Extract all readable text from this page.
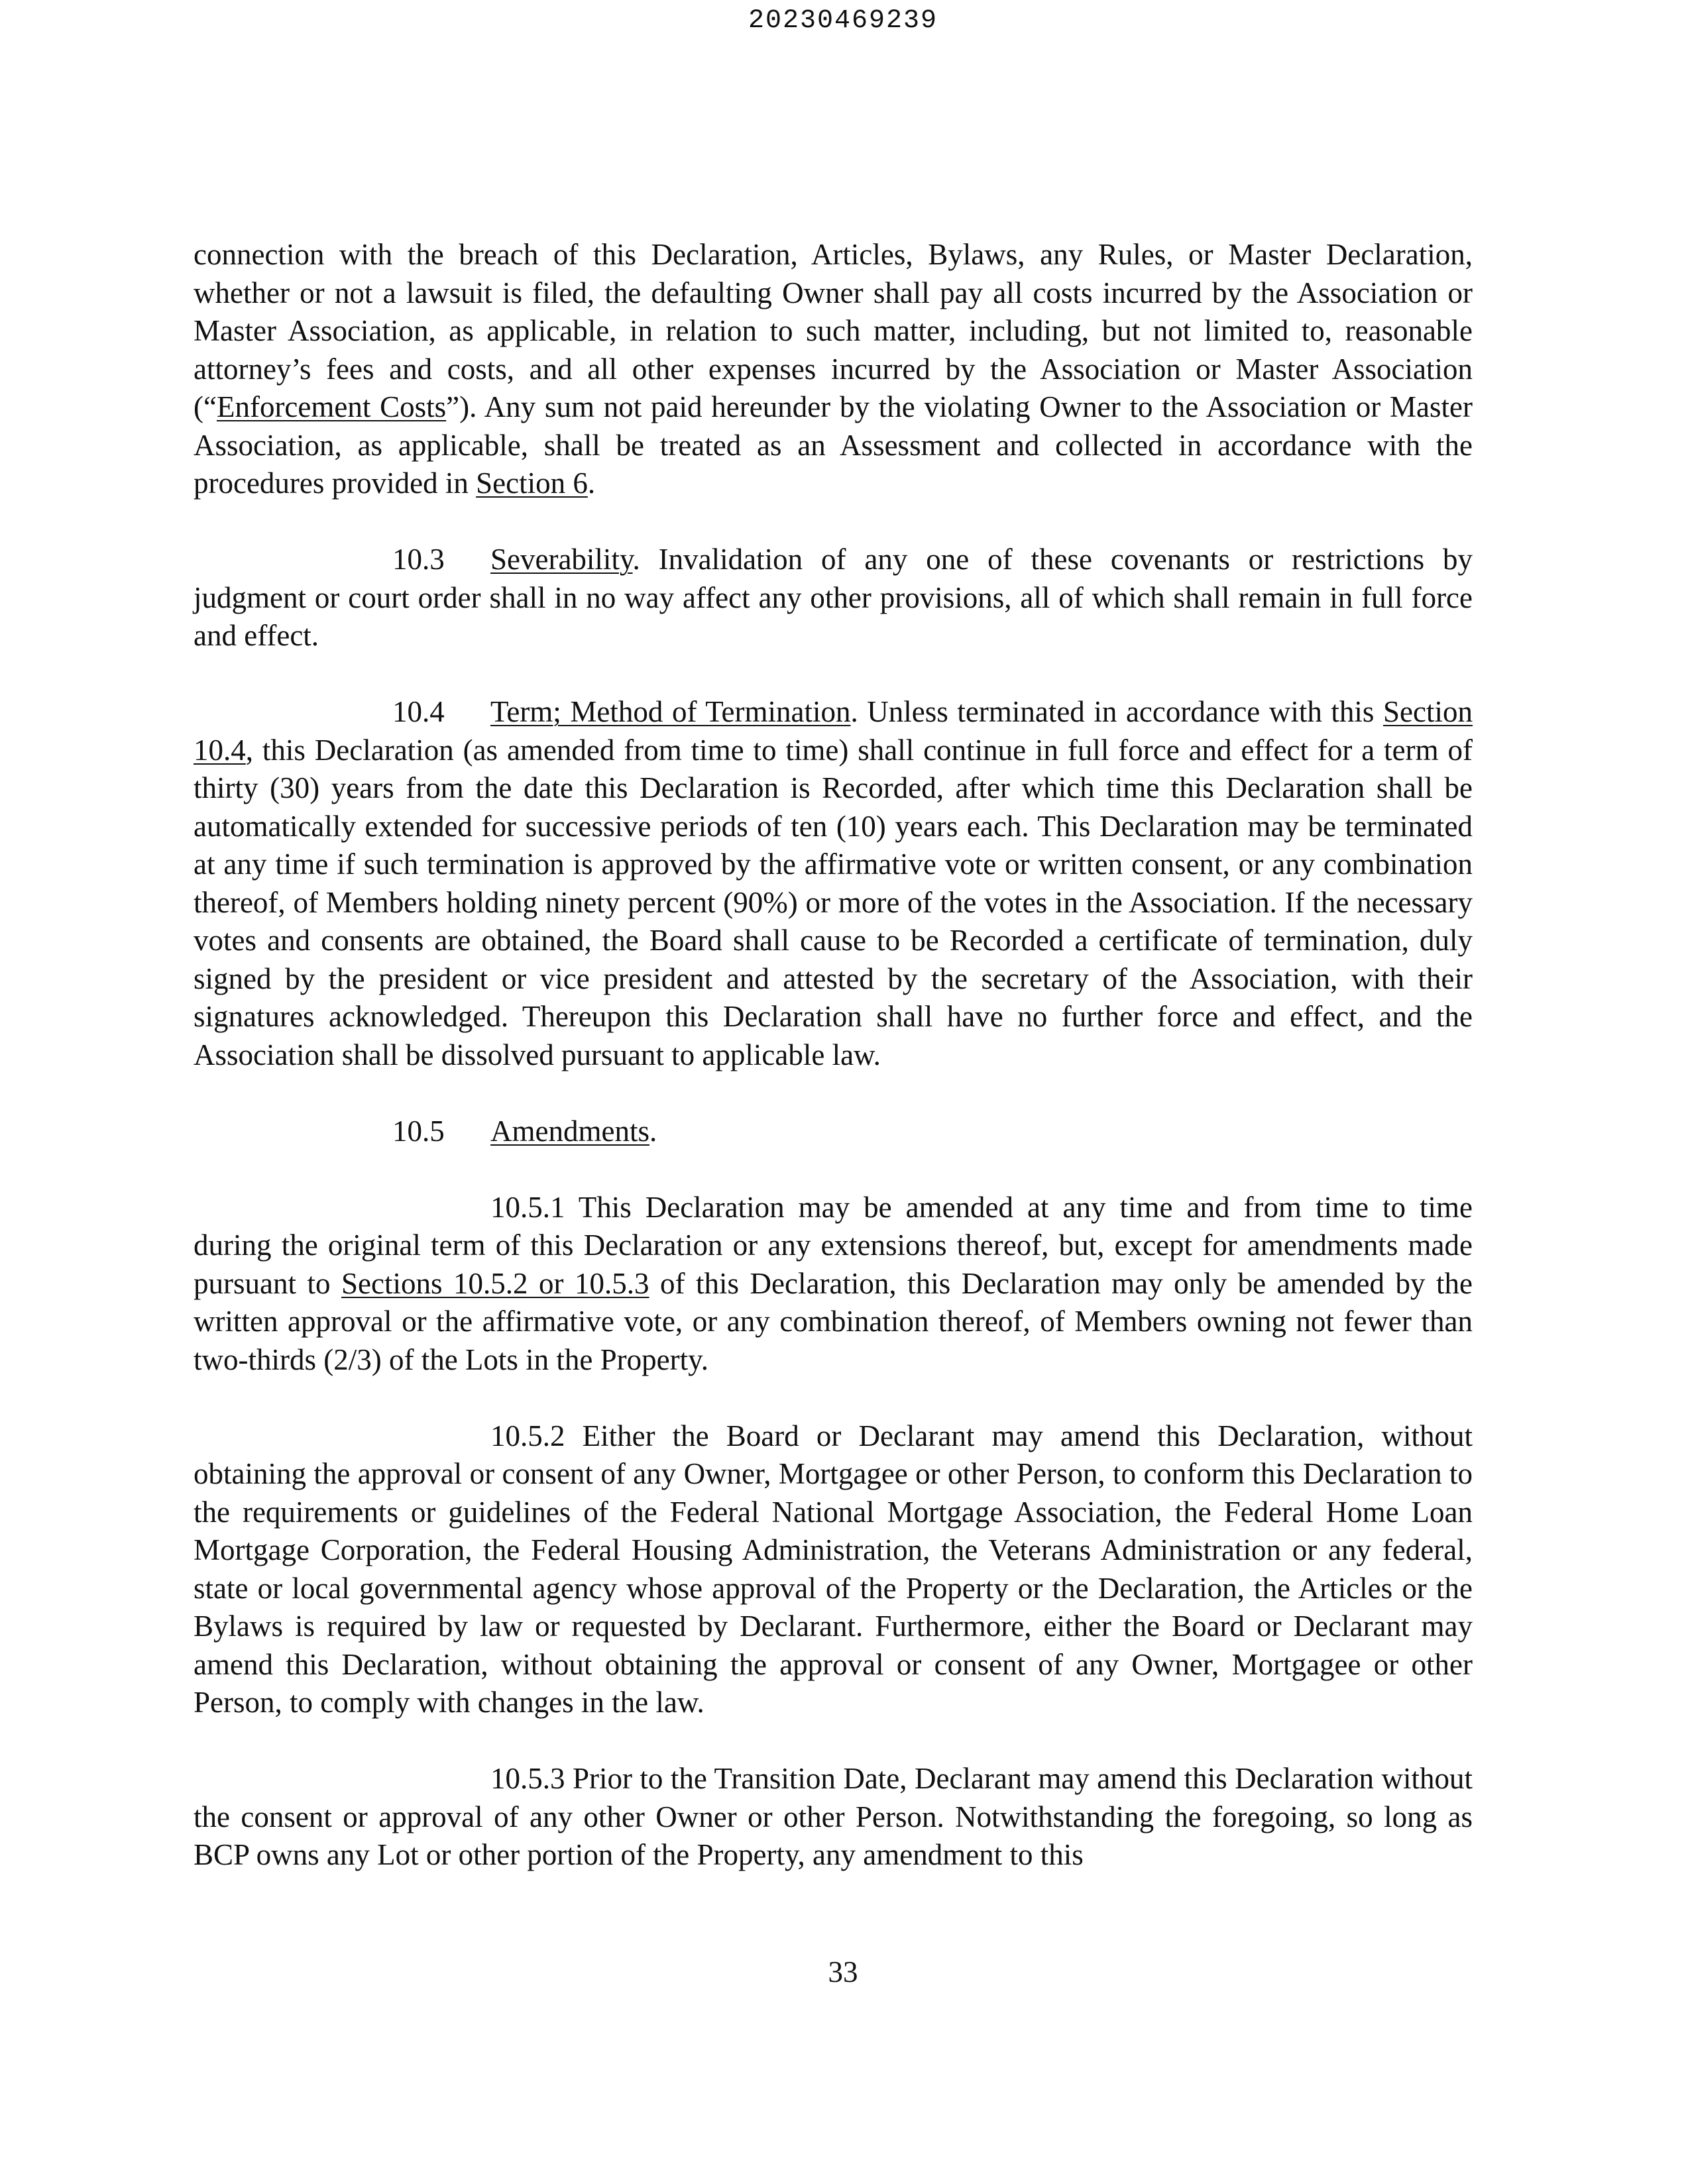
20230469239

connection with the breach of this Declaration, Articles, Bylaws, any Rules, or Master Declaration, whether or not a lawsuit is filed, the defaulting Owner shall pay all costs incurred by the Association or Master Association, as applicable, in relation to such matter, including, but not limited to, reasonable attorney’s fees and costs, and all other expenses incurred by the Association or Master Association (“Enforcement Costs”). Any sum not paid hereunder by the violating Owner to the Association or Master Association, as applicable, shall be treated as an Assessment and collected in accordance with the procedures provided in Section 6.

10.3 Severability. Invalidation of any one of these covenants or restrictions by judgment or court order shall in no way affect any other provisions, all of which shall remain in full force and effect.

10.4 Term; Method of Termination. Unless terminated in accordance with this Section 10.4, this Declaration (as amended from time to time) shall continue in full force and effect for a term of thirty (30) years from the date this Declaration is Recorded, after which time this Declaration shall be automatically extended for successive periods of ten (10) years each. This Declaration may be terminated at any time if such termination is approved by the affirmative vote or written consent, or any combination thereof, of Members holding ninety percent (90%) or more of the votes in the Association. If the necessary votes and consents are obtained, the Board shall cause to be Recorded a certificate of termination, duly signed by the president or vice president and attested by the secretary of the Association, with their signatures acknowledged. Thereupon this Declaration shall have no further force and effect, and the Association shall be dissolved pursuant to applicable law.

10.5 Amendments.

10.5.1 This Declaration may be amended at any time and from time to time during the original term of this Declaration or any extensions thereof, but, except for amendments made pursuant to Sections 10.5.2 or 10.5.3 of this Declaration, this Declaration may only be amended by the written approval or the affirmative vote, or any combination thereof, of Members owning not fewer than two-thirds (2/3) of the Lots in the Property.

10.5.2 Either the Board or Declarant may amend this Declaration, without obtaining the approval or consent of any Owner, Mortgagee or other Person, to conform this Declaration to the requirements or guidelines of the Federal National Mortgage Association, the Federal Home Loan Mortgage Corporation, the Federal Housing Administration, the Veterans Administration or any federal, state or local governmental agency whose approval of the Property or the Declaration, the Articles or the Bylaws is required by law or requested by Declarant. Furthermore, either the Board or Declarant may amend this Declaration, without obtaining the approval or consent of any Owner, Mortgagee or other Person, to comply with changes in the law.

10.5.3 Prior to the Transition Date, Declarant may amend this Declaration without the consent or approval of any other Owner or other Person. Notwithstanding the foregoing, so long as BCP owns any Lot or other portion of the Property, any amendment to this

33
